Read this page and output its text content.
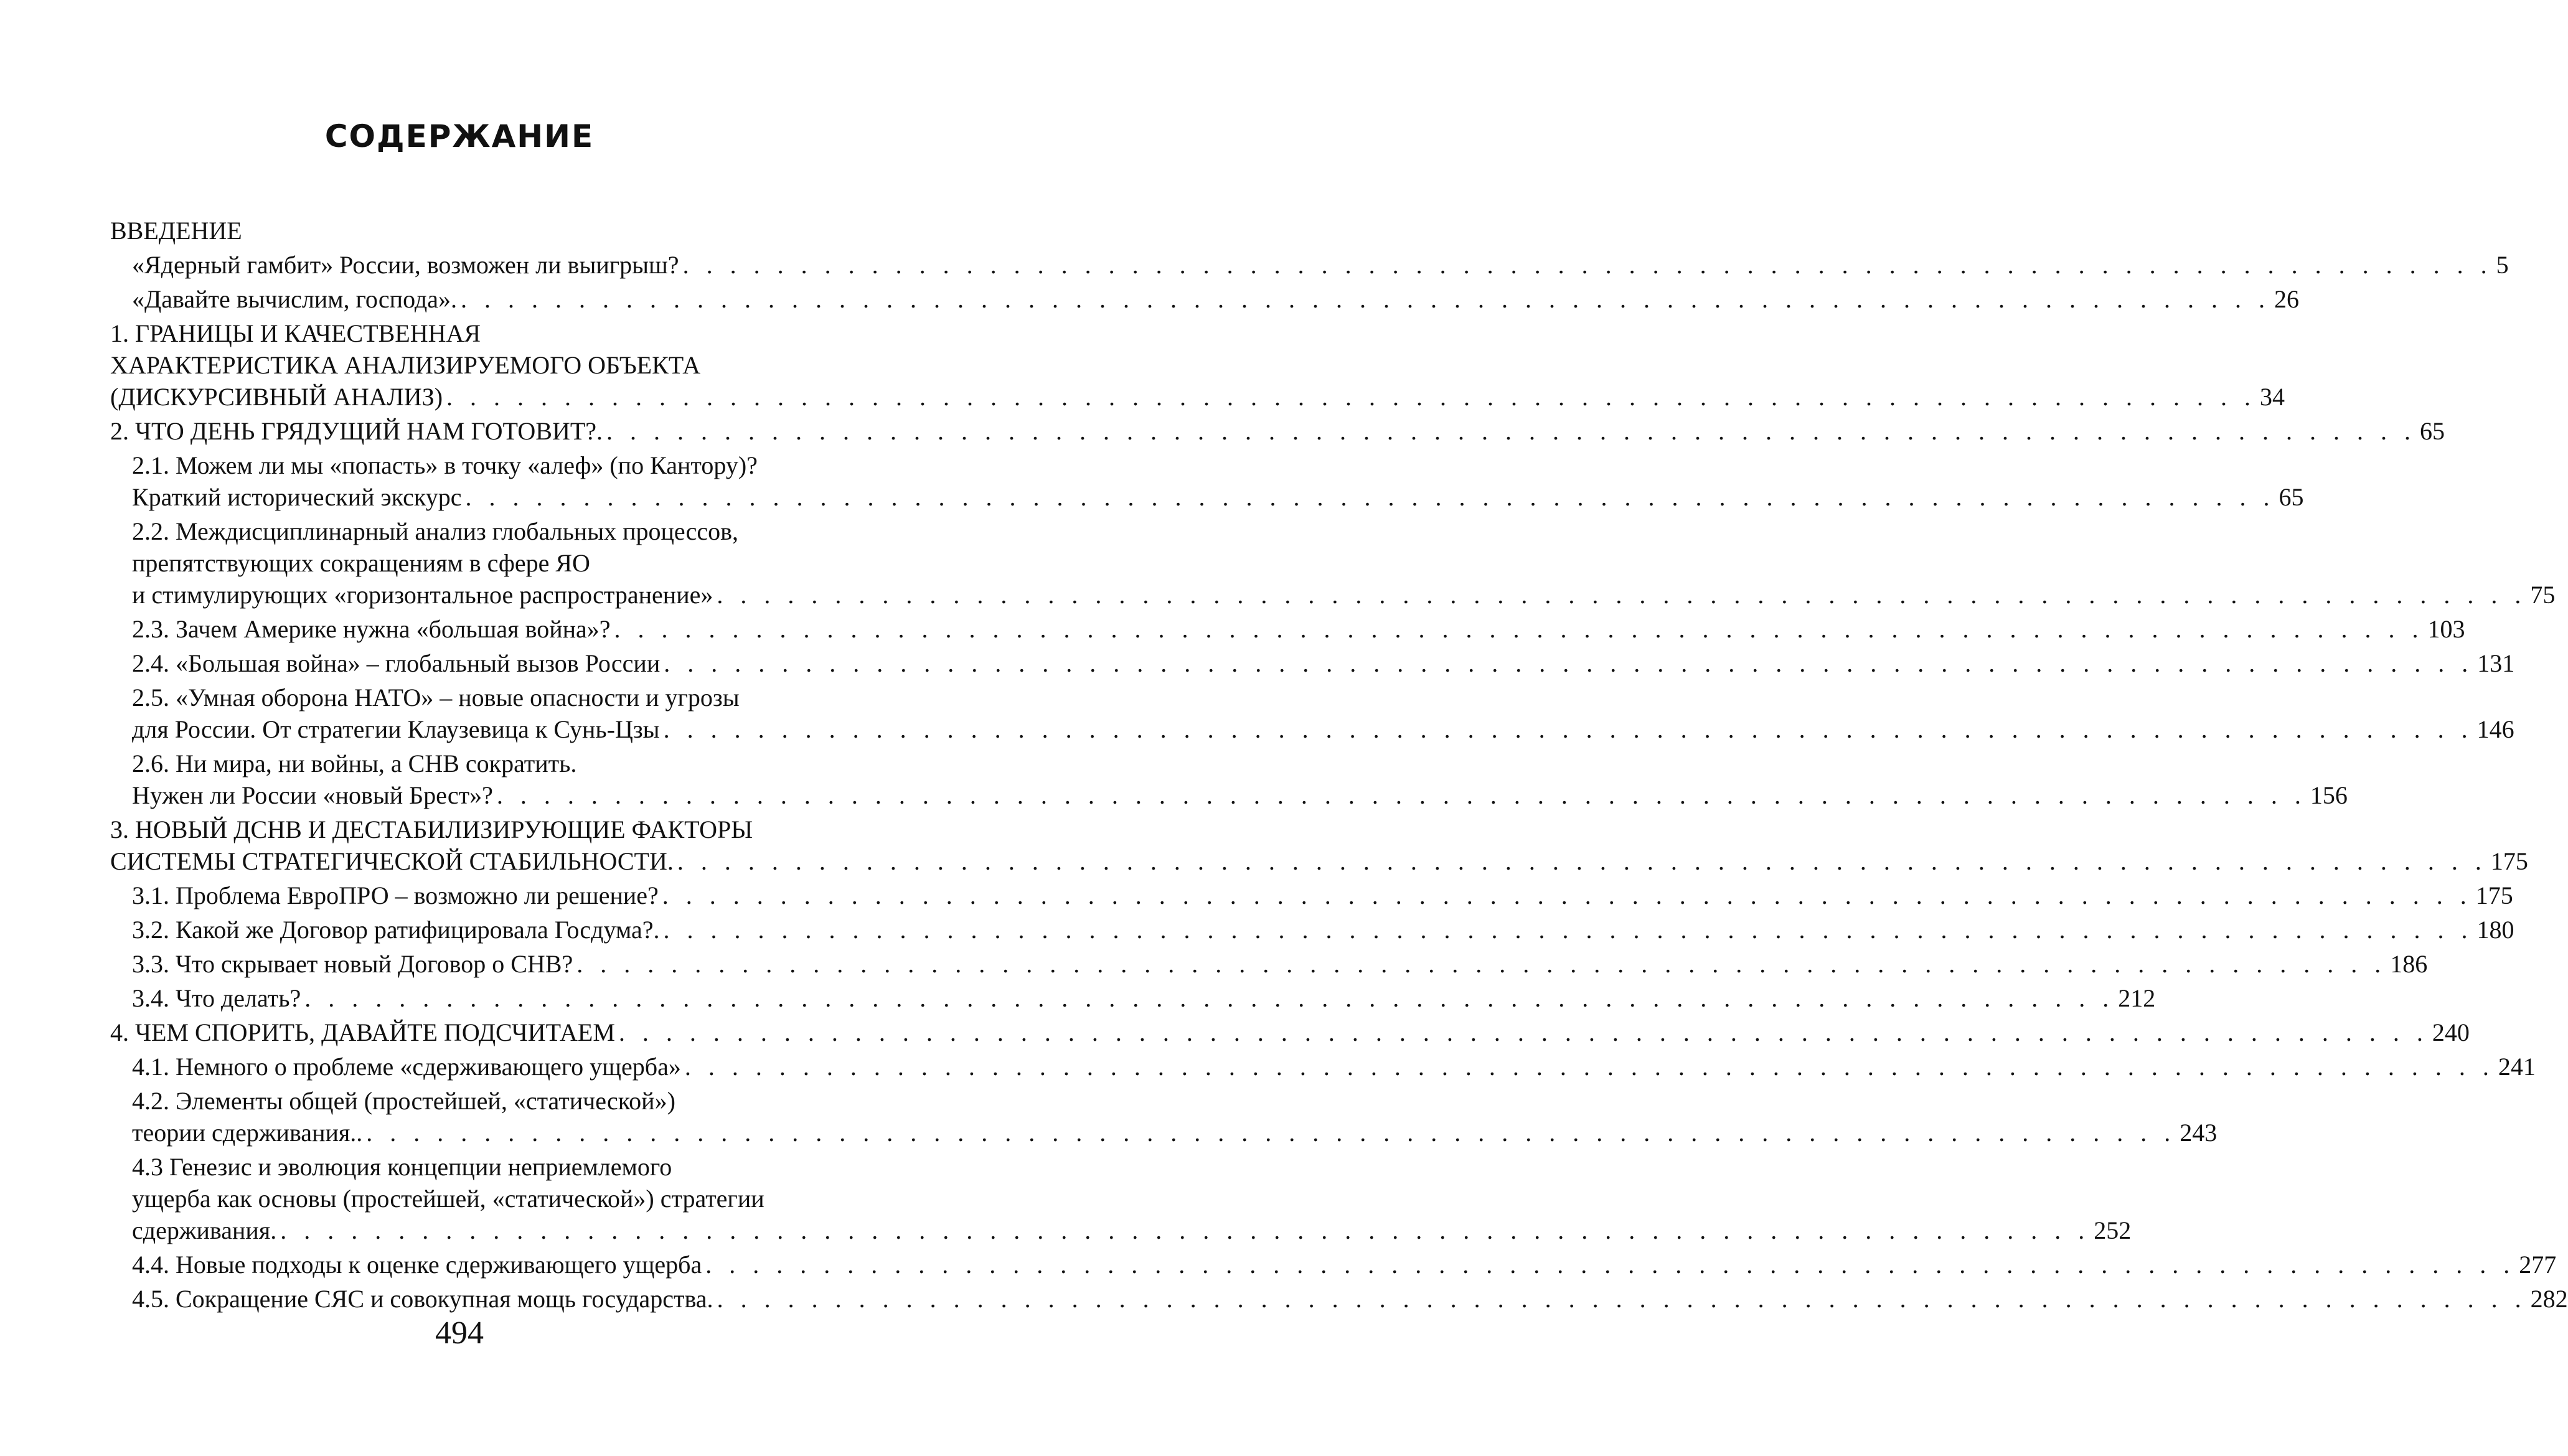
СОДЕРЖАНИЕ
ВВЕДЕНИЕ
«Ядерный гамбит» России, возможен ли выигрыш? . . . . . . . . . . . . . . . . . . . . . . . . . . . . . . . . . . . . . . . . . . . . . . . . . . . . . . . . . . . . . . . . . . . . . . . . . . . . . 5
«Давайте вычислим, господа». . . . . . . . . . . . . . . . . . . . . . . . . . . . . . . . . . . . . . . . . . . . . . . . . . . . . . . . . . . . . . . . . . . . . . . . . . . . . . 26
1. ГРАНИЦЫ И КАЧЕСТВЕННАЯ
ХАРАКТЕРИСТИКА АНАЛИЗИРУЕМОГО ОБЪЕКТА
(ДИСКУРСИВНЫЙ АНАЛИЗ) . . . . . . . . . . . . . . . . . . . . . . . . . . . . . . . . . . . . . . . . . . . . . . . . . . . . . . . . . . . . . . . . . . . . . . . . . . . . . 34
2. ЧТО ДЕНЬ ГРЯДУЩИЙ НАМ ГОТОВИТ?. . . . . . . . . . . . . . . . . . . . . . . . . . . . . . . . . . . . . . . . . . . . . . . . . . . . . . . . . . . . . . . . . . . . . . . . . . . . . . 65
2.1. Можем ли мы «попасть» в точку «алеф» (по Кантору)?
Краткий исторический экскурс . . . . . . . . . . . . . . . . . . . . . . . . . . . . . . . . . . . . . . . . . . . . . . . . . . . . . . . . . . . . . . . . . . . . . . . . . . . . . 65
2.2. Междисциплинарный анализ глобальных процессов,
препятствующих сокращениям в сфере ЯО
и стимулирующих «горизонтальное распространение» . . . . . . . . . . . . . . . . . . . . . . . . . . . . . . . . . . . . . . . . . . . . . . . . . . . . . . . . . . . . . . . . . . . . . . . . . . . . . 75
2.3. Зачем Америке нужна «большая война»? . . . . . . . . . . . . . . . . . . . . . . . . . . . . . . . . . . . . . . . . . . . . . . . . . . . . . . . . . . . . . . . . . . . . . . . . . . . . . 103
2.4. «Большая война» – глобальный вызов России . . . . . . . . . . . . . . . . . . . . . . . . . . . . . . . . . . . . . . . . . . . . . . . . . . . . . . . . . . . . . . . . . . . . . . . . . . . . . 131
2.5. «Умная оборона НАТО» – новые опасности и угрозы
для России. От стратегии Клаузевица к Сунь-Цзы . . . . . . . . . . . . . . . . . . . . . . . . . . . . . . . . . . . . . . . . . . . . . . . . . . . . . . . . . . . . . . . . . . . . . . . . . . . . . 146
2.6. Ни мира, ни войны, а СНВ сократить.
Нужен ли России «новый Брест»? . . . . . . . . . . . . . . . . . . . . . . . . . . . . . . . . . . . . . . . . . . . . . . . . . . . . . . . . . . . . . . . . . . . . . . . . . . . . . 156
3. НОВЫЙ ДСНВ И ДЕСТАБИЛИЗИРУЮЩИЕ ФАКТОРЫ
СИСТЕМЫ СТРАТЕГИЧЕСКОЙ СТАБИЛЬНОСТИ. . . . . . . . . . . . . . . . . . . . . . . . . . . . . . . . . . . . . . . . . . . . . . . . . . . . . . . . . . . . . . . . . . . . . . . . . . . . . . 175
3.1. Проблема ЕвроПРО – возможно ли решение? . . . . . . . . . . . . . . . . . . . . . . . . . . . . . . . . . . . . . . . . . . . . . . . . . . . . . . . . . . . . . . . . . . . . . . . . . . . . . 175
3.2. Какой же Договор ратифицировала Госдума?. . . . . . . . . . . . . . . . . . . . . . . . . . . . . . . . . . . . . . . . . . . . . . . . . . . . . . . . . . . . . . . . . . . . . . . . . . . . . . 180
3.3. Что скрывает новый Договор о СНВ? . . . . . . . . . . . . . . . . . . . . . . . . . . . . . . . . . . . . . . . . . . . . . . . . . . . . . . . . . . . . . . . . . . . . . . . . . . . . . 186
3.4. Что делать? . . . . . . . . . . . . . . . . . . . . . . . . . . . . . . . . . . . . . . . . . . . . . . . . . . . . . . . . . . . . . . . . . . . . . . . . . . . . . 212
4. ЧЕМ СПОРИТЬ, ДАВАЙТЕ ПОДСЧИТАЕМ . . . . . . . . . . . . . . . . . . . . . . . . . . . . . . . . . . . . . . . . . . . . . . . . . . . . . . . . . . . . . . . . . . . . . . . . . . . . . 240
4.1. Немного о проблеме «сдерживающего ущерба» . . . . . . . . . . . . . . . . . . . . . . . . . . . . . . . . . . . . . . . . . . . . . . . . . . . . . . . . . . . . . . . . . . . . . . . . . . . . . 241
4.2. Элементы общей (простейшей, «статической»)
теории сдерживания.. . . . . . . . . . . . . . . . . . . . . . . . . . . . . . . . . . . . . . . . . . . . . . . . . . . . . . . . . . . . . . . . . . . . . . . . . . . . . . 243
4.3 Генезис и эволюция концепции неприемлемого
ущерба как основы (простейшей, «статической») стратегии
сдерживания. . . . . . . . . . . . . . . . . . . . . . . . . . . . . . . . . . . . . . . . . . . . . . . . . . . . . . . . . . . . . . . . . . . . . . . . . . . . . . 252
4.4. Новые подходы к оценке сдерживающего ущерба . . . . . . . . . . . . . . . . . . . . . . . . . . . . . . . . . . . . . . . . . . . . . . . . . . . . . . . . . . . . . . . . . . . . . . . . . . . . . 277
4.5. Сокращение СЯС и совокупная мощь государства. . . . . . . . . . . . . . . . . . . . . . . . . . . . . . . . . . . . . . . . . . . . . . . . . . . . . . . . . . . . . . . . . . . . . . . . . . . . . . 282
494
